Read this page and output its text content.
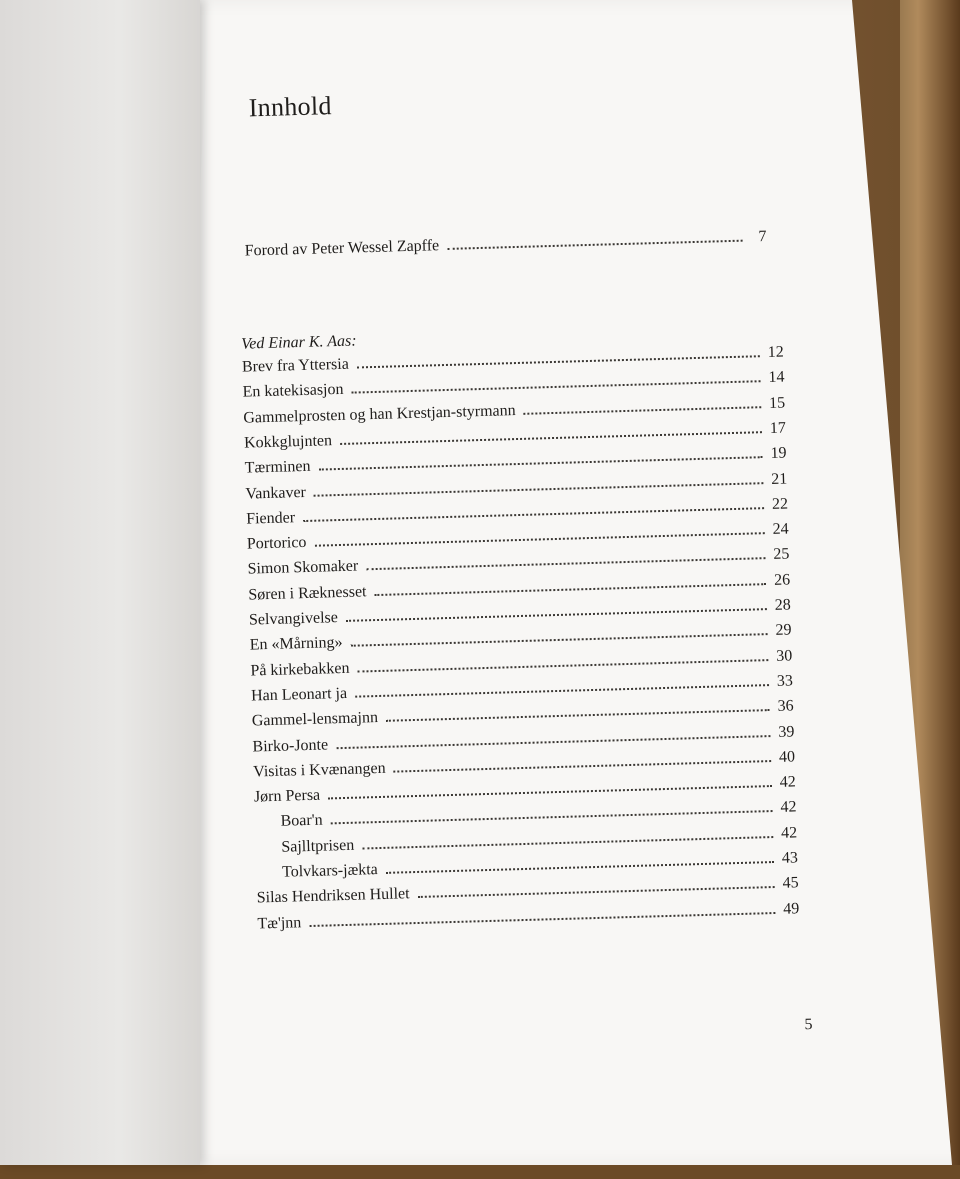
Innhold
Forord av Peter Wessel Zapffe
7
Ved Einar K. Aas:
Brev fra Yttersia
12
En katekisasjon
14
Gammelprosten og han Krestjan-styrmann	15
Kokkglujnten
17
Tærminen
19
Vankaver
21
Fiender
22
Portorico
24
Simon Skomaker
25
Søren i Ræknesset
26
Selvangivelse
28
En «Mårning»
29
På kirkebakken
30
Han Leonart ja
33
Gammel-lensmajnn
36
Birko-Jonte
39
Visitas i Kvænangen
40
Jørn Persa
42
Boar'n
42
Sajlltprisen
42
Tolvkars-jækta
43
Silas Hendriksen Hullet
45
Tæ'jnn
49
5
